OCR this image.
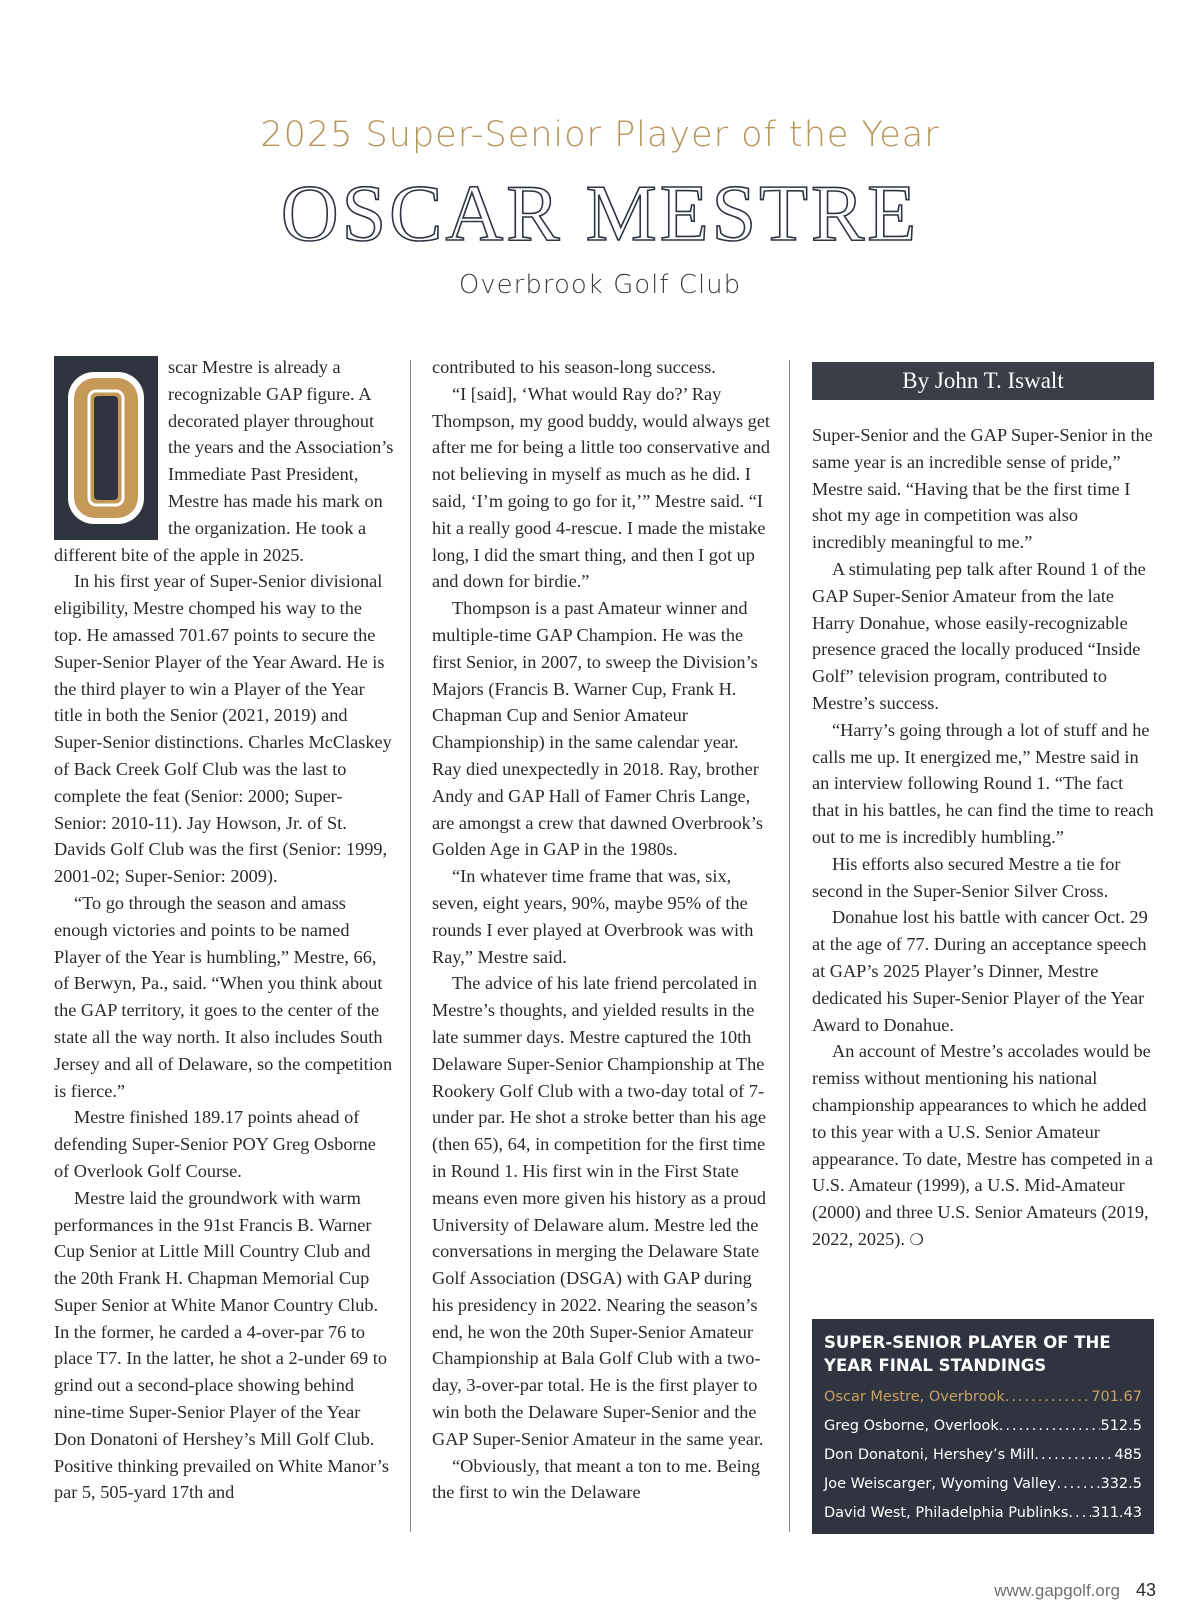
2025 Super-Senior Player of the Year
OSCAR MESTRE
Overbrook Golf Club

scar Mestre is already a recognizable GAP figure. A decorated player throughout the years and the Association’s Immediate Past President, Mestre has made his mark on the organization. He took a different bite of the apple in 2025.

In his first year of Super-Senior divisional eligibility, Mestre chomped his way to the top. He amassed 701.67 points to secure the Super-Senior Player of the Year Award. He is the third player to win a Player of the Year title in both the Senior (2021, 2019) and Super-Senior distinctions. Charles McClaskey of Back Creek Golf Club was the last to complete the feat (Senior: 2000; Super-Senior: 2010-11). Jay Howson, Jr. of St. Davids Golf Club was the first (Senior: 1999, 2001-02; Super-Senior: 2009).

“To go through the season and amass enough victories and points to be named Player of the Year is humbling,” Mestre, 66, of Berwyn, Pa., said. “When you think about the GAP territory, it goes to the center of the state all the way north. It also includes South Jersey and all of Delaware, so the competition is fierce.”

Mestre finished 189.17 points ahead of defending Super-Senior POY Greg Osborne of Overlook Golf Course.

Mestre laid the groundwork with warm performances in the 91st Francis B. Warner Cup Senior at Little Mill Country Club and the 20th Frank H. Chapman Memorial Cup Super Senior at White Manor Country Club. In the former, he carded a 4-over-par 76 to place T7. In the latter, he shot a 2-under 69 to grind out a second-place showing behind nine-time Super-Senior Player of the Year Don Donatoni of Hershey’s Mill Golf Club. Positive thinking prevailed on White Manor’s par 5, 505-yard 17th and

contributed to his season-long success.

“I [said], ‘What would Ray do?’ Ray Thompson, my good buddy, would always get after me for being a little too conservative and not believing in myself as much as he did. I said, ‘I’m going to go for it,’” Mestre said. “I hit a really good 4-rescue. I made the mistake long, I did the smart thing, and then I got up and down for birdie.”

Thompson is a past Amateur winner and multiple-time GAP Champion. He was the first Senior, in 2007, to sweep the Division’s Majors (Francis B. Warner Cup, Frank H. Chapman Cup and Senior Amateur Championship) in the same calendar year. Ray died unexpectedly in 2018. Ray, brother Andy and GAP Hall of Famer Chris Lange, are amongst a crew that dawned Overbrook’s Golden Age in GAP in the 1980s.

“In whatever time frame that was, six, seven, eight years, 90%, maybe 95% of the rounds I ever played at Overbrook was with Ray,” Mestre said.

The advice of his late friend percolated in Mestre’s thoughts, and yielded results in the late summer days. Mestre captured the 10th Delaware Super-Senior Championship at The Rookery Golf Club with a two-day total of 7-under par. He shot a stroke better than his age (then 65), 64, in competition for the first time in Round 1. His first win in the First State means even more given his history as a proud University of Delaware alum. Mestre led the conversations in merging the Delaware State Golf Association (DSGA) with GAP during his presidency in 2022. Nearing the season’s end, he won the 20th Super-Senior Amateur Championship at Bala Golf Club with a two-day, 3-over-par total. He is the first player to win both the Delaware Super-Senior and the GAP Super-Senior Amateur in the same year.

“Obviously, that meant a ton to me. Being the first to win the Delaware

By John T. Iswalt

Super-Senior and the GAP Super-Senior in the same year is an incredible sense of pride,” Mestre said. “Having that be the first time I shot my age in competition was also incredibly meaningful to me.”

A stimulating pep talk after Round 1 of the GAP Super-Senior Amateur from the late Harry Donahue, whose easily-recognizable presence graced the locally produced “Inside Golf” television program, contributed to Mestre’s success.

“Harry’s going through a lot of stuff and he calls me up. It energized me,” Mestre said in an interview following Round 1. “The fact that in his battles, he can find the time to reach out to me is incredibly humbling.”

His efforts also secured Mestre a tie for second in the Super-Senior Silver Cross.

Donahue lost his battle with cancer Oct. 29 at the age of 77. During an acceptance speech at GAP’s 2025 Player’s Dinner, Mestre dedicated his Super-Senior Player of the Year Award to Donahue.

An account of Mestre’s accolades would be remiss without mentioning his national championship appearances to which he added to this year with a U.S. Senior Amateur appearance. To date, Mestre has competed in a U.S. Amateur (1999), a U.S. Mid-Amateur (2000) and three U.S. Senior Amateurs (2019, 2022, 2025). ❍

SUPER-SENIOR PLAYER OF THE YEAR FINAL STANDINGS
Oscar Mestre, Overbrook .....	701.67
Greg Osborne, Overlook .....	512.5
Don Donatoni, Hershey’s Mill .....	485
Joe Weiscarger, Wyoming Valley .....	332.5
David West, Philadelphia Publinks ..... 311.43
www.gapgolf.org 43
